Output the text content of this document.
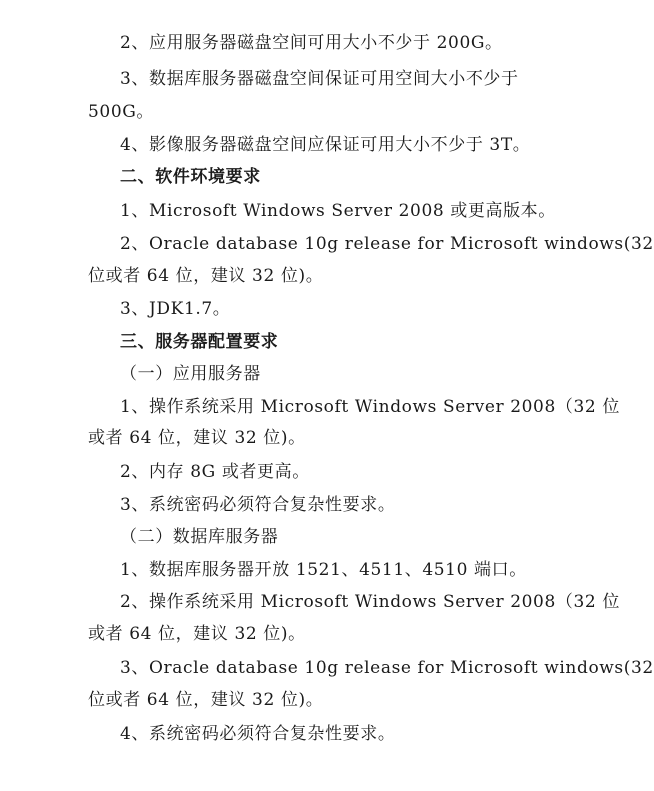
2、应用服务器磁盘空间可用大小不少于 200G。
3、数据库服务器磁盘空间保证可用空间大小不少于
500G。
4、影像服务器磁盘空间应保证可用大小不少于 3T。
二、软件环境要求
1、Microsoft Windows Server 2008 或更高版本。
2、Oracle database 10g release for Microsoft windows(32
位或者 64 位，建议 32 位)。
3、JDK1.7。
三、服务器配置要求
（一）应用服务器
1、操作系统采用 Microsoft Windows Server 2008（32 位
或者 64 位，建议 32 位)。
2、内存 8G 或者更高。
3、系统密码必须符合复杂性要求。
（二）数据库服务器
1、数据库服务器开放 1521、4511、4510 端口。
2、操作系统采用 Microsoft Windows Server 2008（32 位
或者 64 位，建议 32 位)。
3、Oracle database 10g release for Microsoft windows(32
位或者 64 位，建议 32 位)。
4、系统密码必须符合复杂性要求。
